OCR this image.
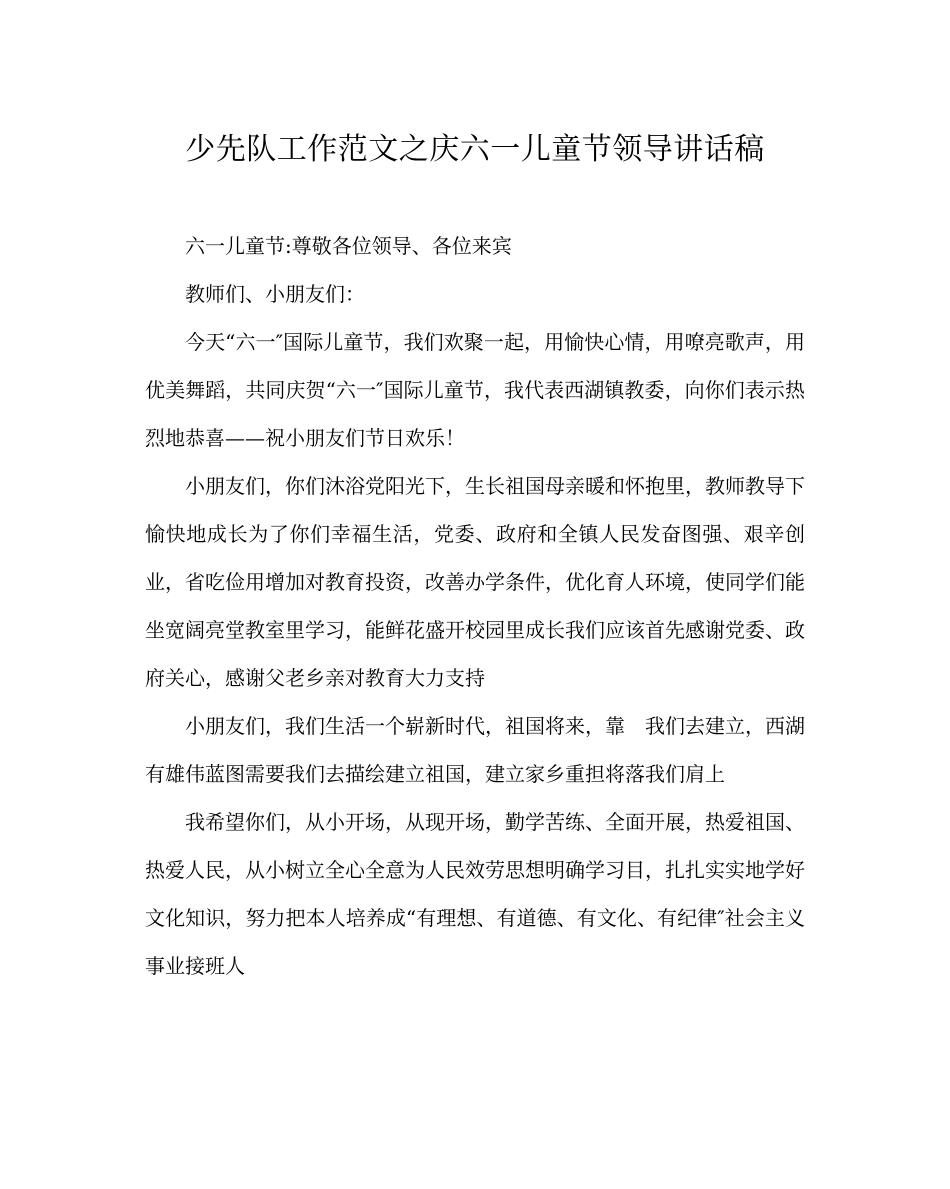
少先队工作范文之庆六一儿童节领导讲话稿

六一儿童节:尊敬各位领导、各位来宾

教师们、小朋友们：

今天“六一″国际儿童节，我们欢聚一起，用愉快心情，用嘹亮歌声，用优美舞蹈，共同庆贺“六一″国际儿童节，我代表西湖镇教委，向你们表示热烈地恭喜——祝小朋友们节日欢乐！

小朋友们，你们沐浴党阳光下，生长祖国母亲暖和怀抱里，教师教导下愉快地成长为了你们幸福生活，党委、政府和全镇人民发奋图强、艰辛创业，省吃俭用增加对教育投资，改善办学条件，优化育人环境，使同学们能坐宽阔亮堂教室里学习，能鲜花盛开校园里成长我们应该首先感谢党委、政府关心，感谢父老乡亲对教育大力支持

小朋友们，我们生活一个崭新时代，祖国将来，靠　我们去建立，西湖有雄伟蓝图需要我们去描绘建立祖国，建立家乡重担将落我们肩上

我希望你们，从小开场，从现开场，勤学苦练、全面开展，热爱祖国、热爱人民，从小树立全心全意为人民效劳思想明确学习目，扎扎实实地学好文化知识，努力把本人培养成“有理想、有道德、有文化、有纪律″社会主义事业接班人
